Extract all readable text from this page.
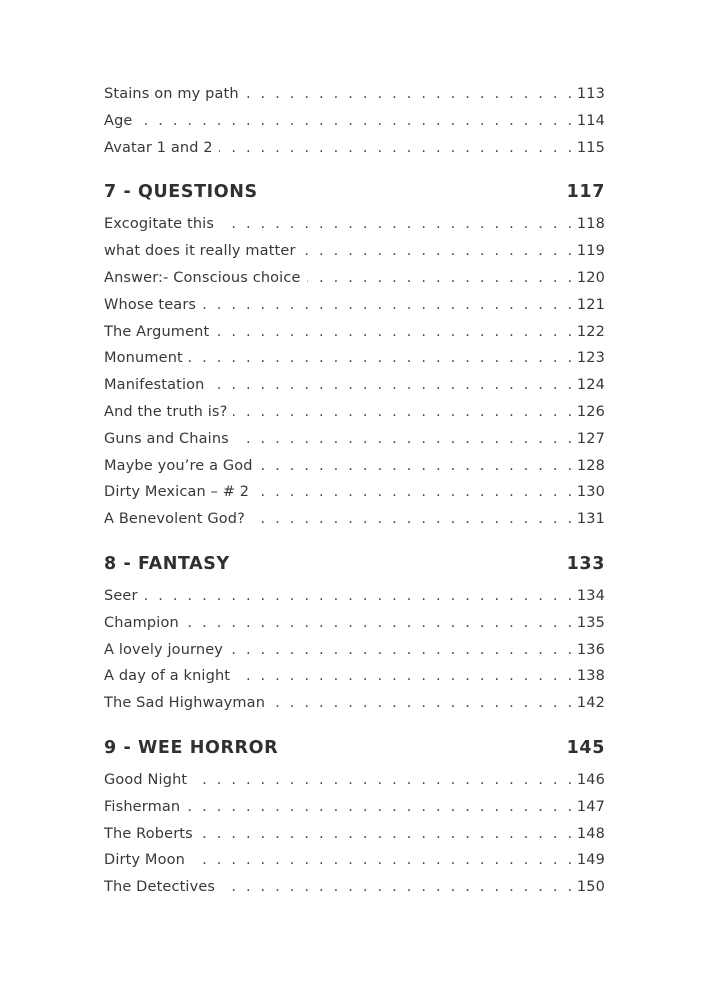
Stains on my path . . .	113
Age . . .	114
Avatar 1 and 2 . . .	115
7 - QUESTIONS	117
Excogitate this . . .	118
what does it really matter . . .	119
Answer:- Conscious choice . . .	120
Whose tears . . .	121
The Argument . . .	122
Monument . . .	123
Manifestation . . .	124
And the truth is? . . .	126
Guns and Chains . . .	127
Maybe you’re a God . . .	128
Dirty Mexican – # 2 . . .	130
A Benevolent God? . . .	131
8 - FANTASY	133
Seer . . .	134
Champion . . .	135
A lovely journey . . .	136
A day of a knight . . .	138
The Sad Highwayman . . .	142
9 - WEE HORROR	145
Good Night . . .	146
Fisherman . . .	147
The Roberts . . .	148
Dirty Moon . . .	149
The Detectives . . .	150
